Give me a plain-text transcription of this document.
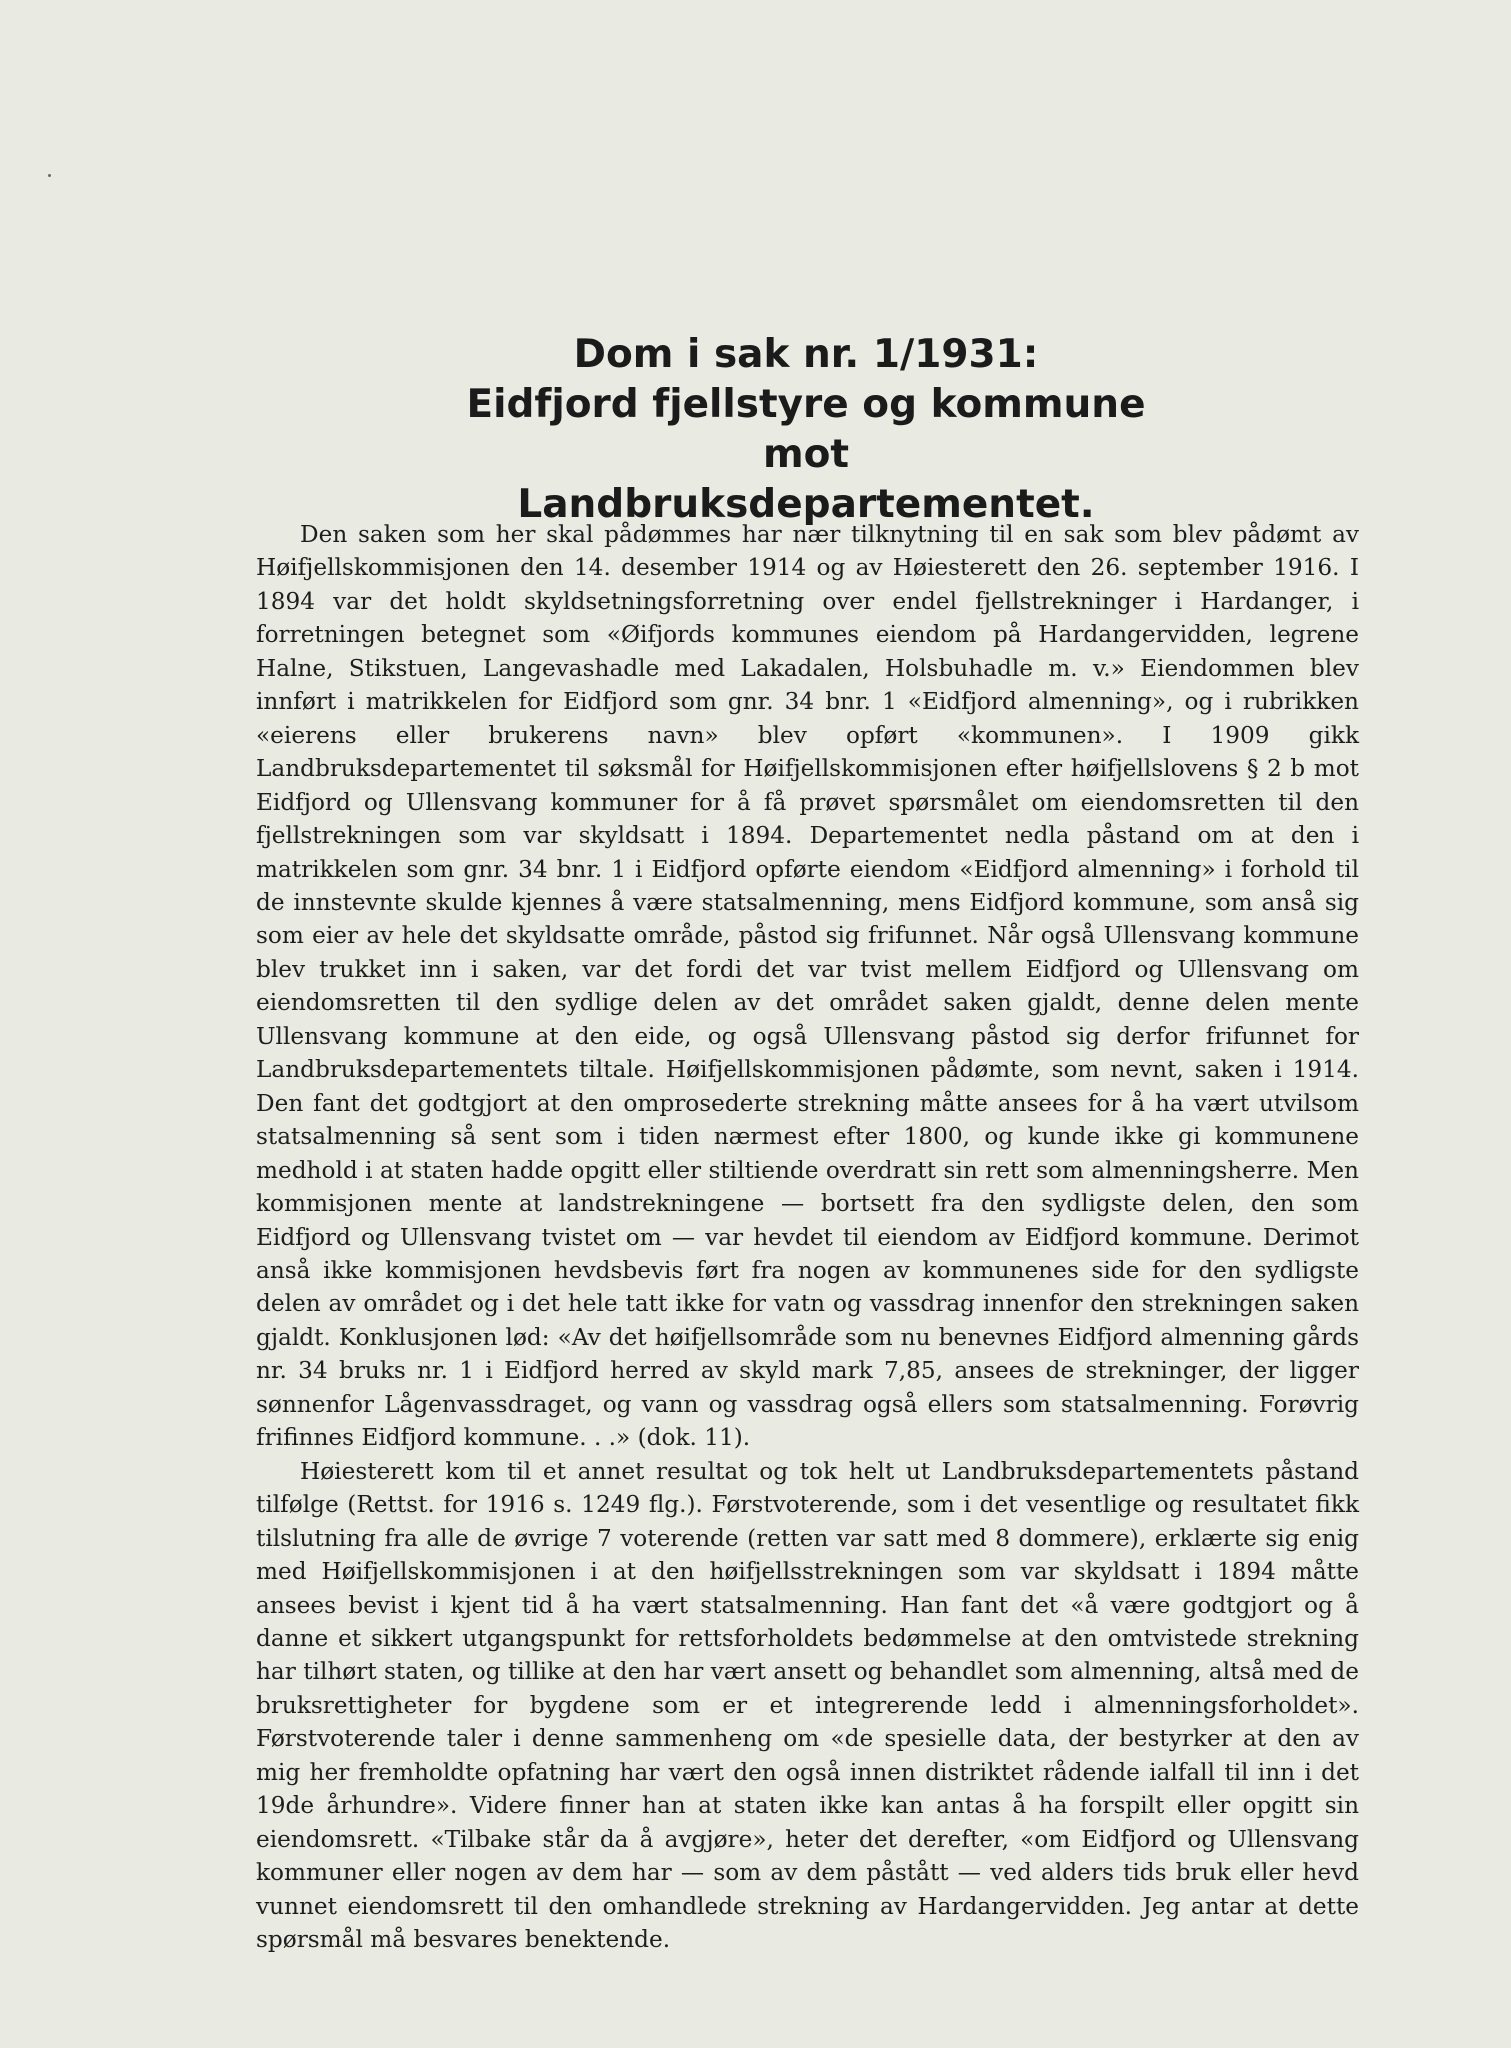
Dom i sak nr. 1/1931:
Eidfjord fjellstyre og kommune
mot
Landbruksdepartementet.

Den saken som her skal pådømmes har nær tilknytning til en sak som blev pådømt av Høifjellskommisjonen den 14. desember 1914 og av Høiesterett den 26. september 1916. I 1894 var det holdt skyldsetningsforretning over endel fjellstrekninger i Hardanger, i forretningen betegnet som «Øifjords kommunes eiendom på Hardangervidden, legrene Halne, Stikstuen, Langevashadle med Lakadalen, Holsbuhadle m. v.» Eiendommen blev innført i matrikkelen for Eidfjord som gnr. 34 bnr. 1 «Eidfjord almenning», og i rubrikken «eierens eller brukerens navn» blev opført «kommunen». I 1909 gikk Landbruksdepartementet til søksmål for Høifjellskommisjonen efter høifjellslovens § 2 b mot Eidfjord og Ullensvang kommuner for å få prøvet spørsmålet om eiendomsretten til den fjellstrekningen som var skyldsatt i 1894. Departementet nedla påstand om at den i matrikkelen som gnr. 34 bnr. 1 i Eidfjord opførte eiendom «Eidfjord almenning» i forhold til de innstevnte skulde kjennes å være statsalmenning, mens Eidfjord kommune, som anså sig som eier av hele det skyldsatte område, påstod sig frifunnet. Når også Ullensvang kommune blev trukket inn i saken, var det fordi det var tvist mellem Eidfjord og Ullensvang om eiendomsretten til den sydlige delen av det området saken gjaldt, denne delen mente Ullensvang kommune at den eide, og også Ullensvang påstod sig derfor frifunnet for Landbruksdepartementets tiltale. Høifjellskommisjonen pådømte, som nevnt, saken i 1914. Den fant det godtgjort at den omprosederte strekning måtte ansees for å ha vært utvilsom statsalmenning så sent som i tiden nærmest efter 1800, og kunde ikke gi kommunene medhold i at staten hadde opgitt eller stiltiende overdratt sin rett som almenningsherre. Men kommisjonen mente at landstrekningene — bortsett fra den sydligste delen, den som Eidfjord og Ullensvang tvistet om — var hevdet til eiendom av Eidfjord kommune. Derimot anså ikke kommisjonen hevdsbevis ført fra nogen av kommunenes side for den sydligste delen av området og i det hele tatt ikke for vatn og vassdrag innenfor den strekningen saken gjaldt. Konklusjonen lød: «Av det høifjellsområde som nu benevnes Eidfjord almenning gårds nr. 34 bruks nr. 1 i Eidfjord herred av skyld mark 7,85, ansees de strekninger, der ligger sønnenfor Lågenvassdraget, og vann og vassdrag også ellers som statsalmenning. Forøvrig frifinnes Eidfjord kommune. . .» (dok. 11).

Høiesterett kom til et annet resultat og tok helt ut Landbruksdepartementets påstand tilfølge (Rettst. for 1916 s. 1249 flg.). Førstvoterende, som i det vesentlige og resultatet fikk tilslutning fra alle de øvrige 7 voterende (retten var satt med 8 dommere), erklærte sig enig med Høifjellskommisjonen i at den høifjellsstrekningen som var skyldsatt i 1894 måtte ansees bevist i kjent tid å ha vært statsalmenning. Han fant det «å være godtgjort og å danne et sikkert utgangspunkt for rettsforholdets bedømmelse at den omtvistede strekning har tilhørt staten, og tillike at den har vært ansett og behandlet som almenning, altså med de bruksrettigheter for bygdene som er et integrerende ledd i almenningsforholdet». Førstvoterende taler i denne sammenheng om «de spesielle data, der bestyrker at den av mig her fremholdte opfatning har vært den også innen distriktet rådende ialfall til inn i det 19de århundre». Videre finner han at staten ikke kan antas å ha forspilt eller opgitt sin eiendomsrett. «Tilbake står da å avgjøre», heter det derefter, «om Eidfjord og Ullensvang kommuner eller nogen av dem har — som av dem påstått — ved alders tids bruk eller hevd vunnet eiendomsrett til den omhandlede strekning av Hardangervidden. Jeg antar at dette spørsmål må besvares benektende.
